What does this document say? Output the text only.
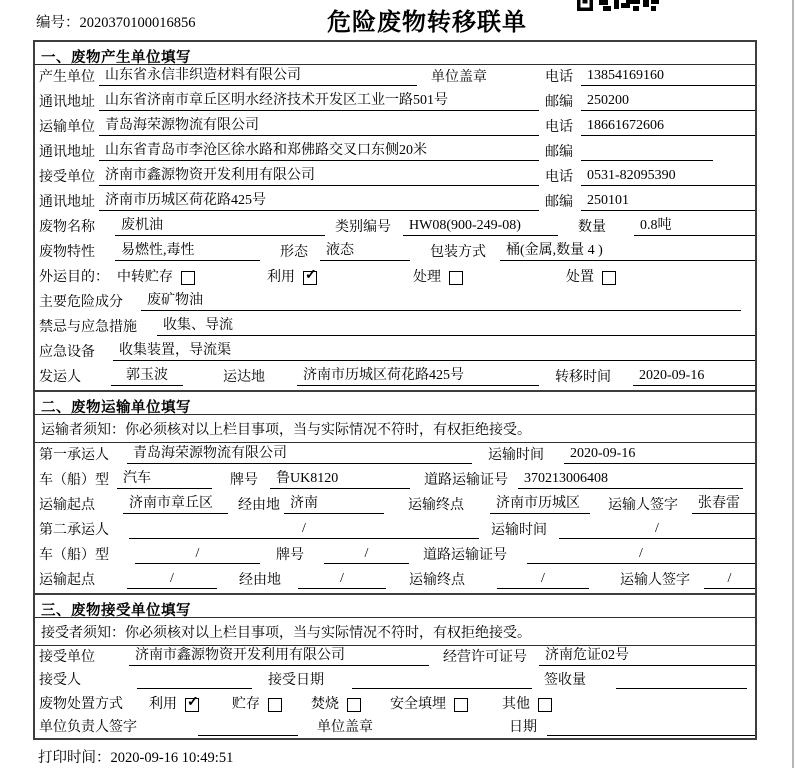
编号：2020370100016856	危险废物转移联单
一、废物产生单位填写
产生单位 山东省永信非织造材料有限公司	单位盖章	电话	13854169160
通讯地址 山东省济南市章丘区明水经济技术开发区工业一路501号	邮编	250200
运输单位 青岛海荣源物流有限公司	电话	18661672606
通讯地址 山东省青岛市李沧区徐水路和郑佛路交叉口东侧20米	邮编
接受单位 济南市鑫源物资开发利用有限公司	电话	0531-82095390
通讯地址 济南市历城区荷花路425号	邮编	250101
废物名称	废机油	类别编号	HW08(900-249-08)	数量	0.8吨
废物特性	易燃性,毒性	形态	液态	包装方式	桶(金属,数量 4 )
外运目的： 中转贮存	利用 ✓	处理	处置
主要危险成分	废矿物油
禁忌与应急措施	收集、导流
应急设备	收集装置，导流渠
发运人	郭玉波	运达地	济南市历城区荷花路425号	转移时间	2020-09-16
二、废物运输单位填写
运输者须知：你必须核对以上栏目事项，当与实际情况不符时，有权拒绝接受。
第一承运人	青岛海荣源物流有限公司	运输时间	2020-09-16
车（船）型	汽车	牌号	鲁UK8120	道路运输证号	370213006408
运输起点	济南市章丘区	经由地 济南	运输终点	济南市历城区	运输人签字	张春雷
第二承运人	/	运输时间	/
车（船）型	/	牌号	/	道路运输证号	/
运输起点	/	经由地	/	运输终点	/	运输人签字	/
三、废物接受单位填写
接受者须知：你必须核对以上栏目事项，当与实际情况不符时，有权拒绝接受。
接受单位	济南市鑫源物资开发利用有限公司	经营许可证号	济南危证02号
接受人	接受日期	签收量
废物处置方式 利用 ✓	贮存	焚烧	安全填埋	其他
单位负责人签字	单位盖章	日期
打印时间：2020-09-16 10:49:51
